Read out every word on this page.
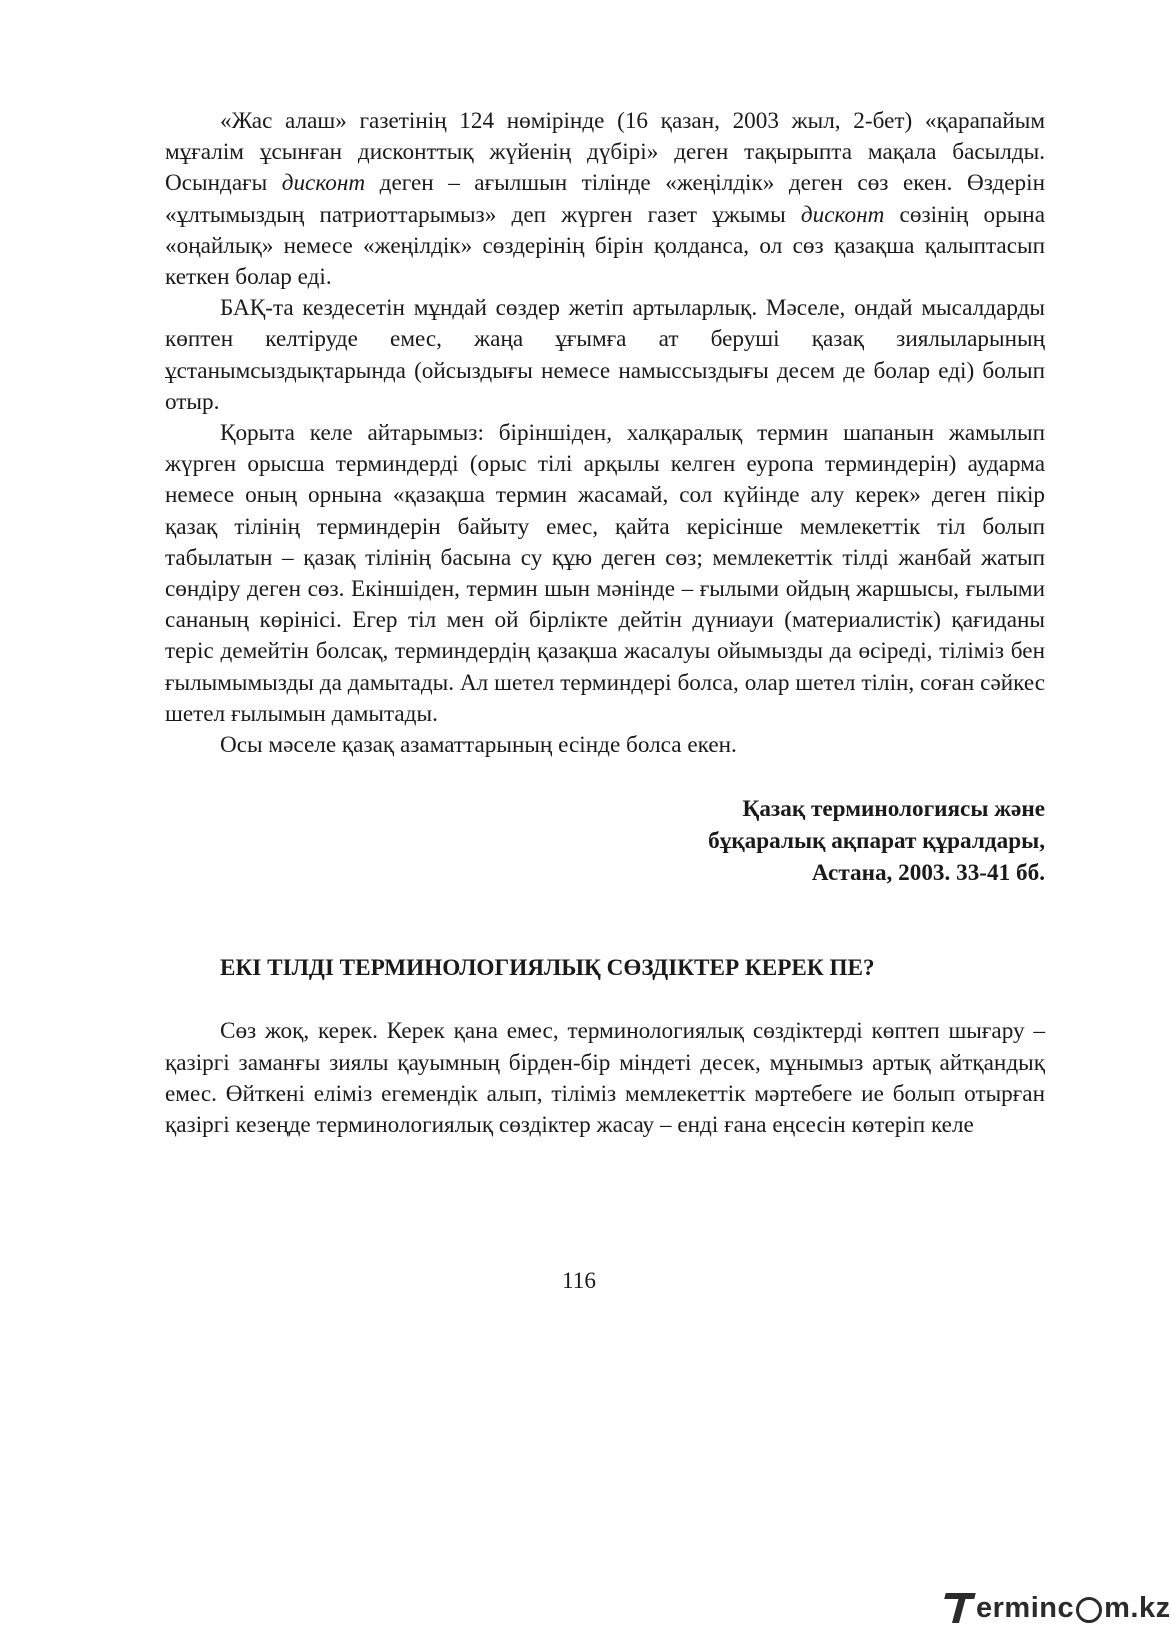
«Жас алаш» газетінің 124 нөмірінде (16 қазан, 2003 жыл, 2-бет) «қарапайым мұғалім ұсынған дисконттық жүйенің дүбірі» деген тақырыпта мақала басылды. Осындағы дисконт деген – ағылшын тілінде «жеңілдік» деген сөз екен. Өздерін «ұлтымыздың патриоттарымыз» деп жүрген газет ұжымы дисконт сөзінің орына «оңайлық» немесе «жеңілдік» сөздерінің бірін қолданса, ол сөз қазақша қалыптасып кеткен болар еді.

БАҚ-та кездесетін мұндай сөздер жетіп артыларлық. Мәселе, ондай мысалдарды көптен келтіруде емес, жаңа ұғымға ат беруші қазақ зиялыларының ұстанымсыздықтарында (ойсыздығы немесе намыссыздығы десем де болар еді) болып отыр.

Қорыта келе айтарымыз: біріншіден, халқаралық термин шапанын жамылып жүрген орысша терминдерді (орыс тілі арқылы келген еуропа терминдерін) аударма немесе оның орнына «қазақша термин жасамай, сол күйінде алу керек» деген пікір қазақ тілінің терминдерін байыту емес, қайта керісінше мемлекеттік тіл болып табылатын – қазақ тілінің басына су құю деген сөз; мемлекеттік тілді жанбай жатып сөндіру деген сөз. Екіншіден, термин шын мәнінде – ғылыми ойдың жаршысы, ғылыми сананың көрінісі. Егер тіл мен ой бірлікте дейтін дүниауи (материалистік) қағиданы теріс демейтін болсақ, терминдердің қазақша жасалуы ойымызды да өсіреді, тіліміз бен ғылымымызды да дамытады. Ал шетел терминдері болса, олар шетел тілін, соған сәйкес шетел ғылымын дамытады.

Осы мәселе қазақ азаматтарының есінде болса екен.

Қазақ терминологиясы және
бұқаралық ақпарат құралдары,
Астана, 2003. 33-41 бб.
ЕКІ ТІЛДІ ТЕРМИНОЛОГИЯЛЫҚ СӨЗДІКТЕР КЕРЕК ПЕ?

Сөз жоқ, керек. Керек қана емес, терминологиялық сөздіктерді көптеп шығару – қазіргі заманғы зиялы қауымның бірден-бір міндеті десек, мұнымыз артық айтқандық емес. Өйткені еліміз егемендік алып, тіліміз мемлекеттік мәртебеге ие болып отырған қазіргі кезеңде терминологиялық сөздіктер жасау – енді ғана еңсесін көтеріп келе

116
ermin c m.kz
